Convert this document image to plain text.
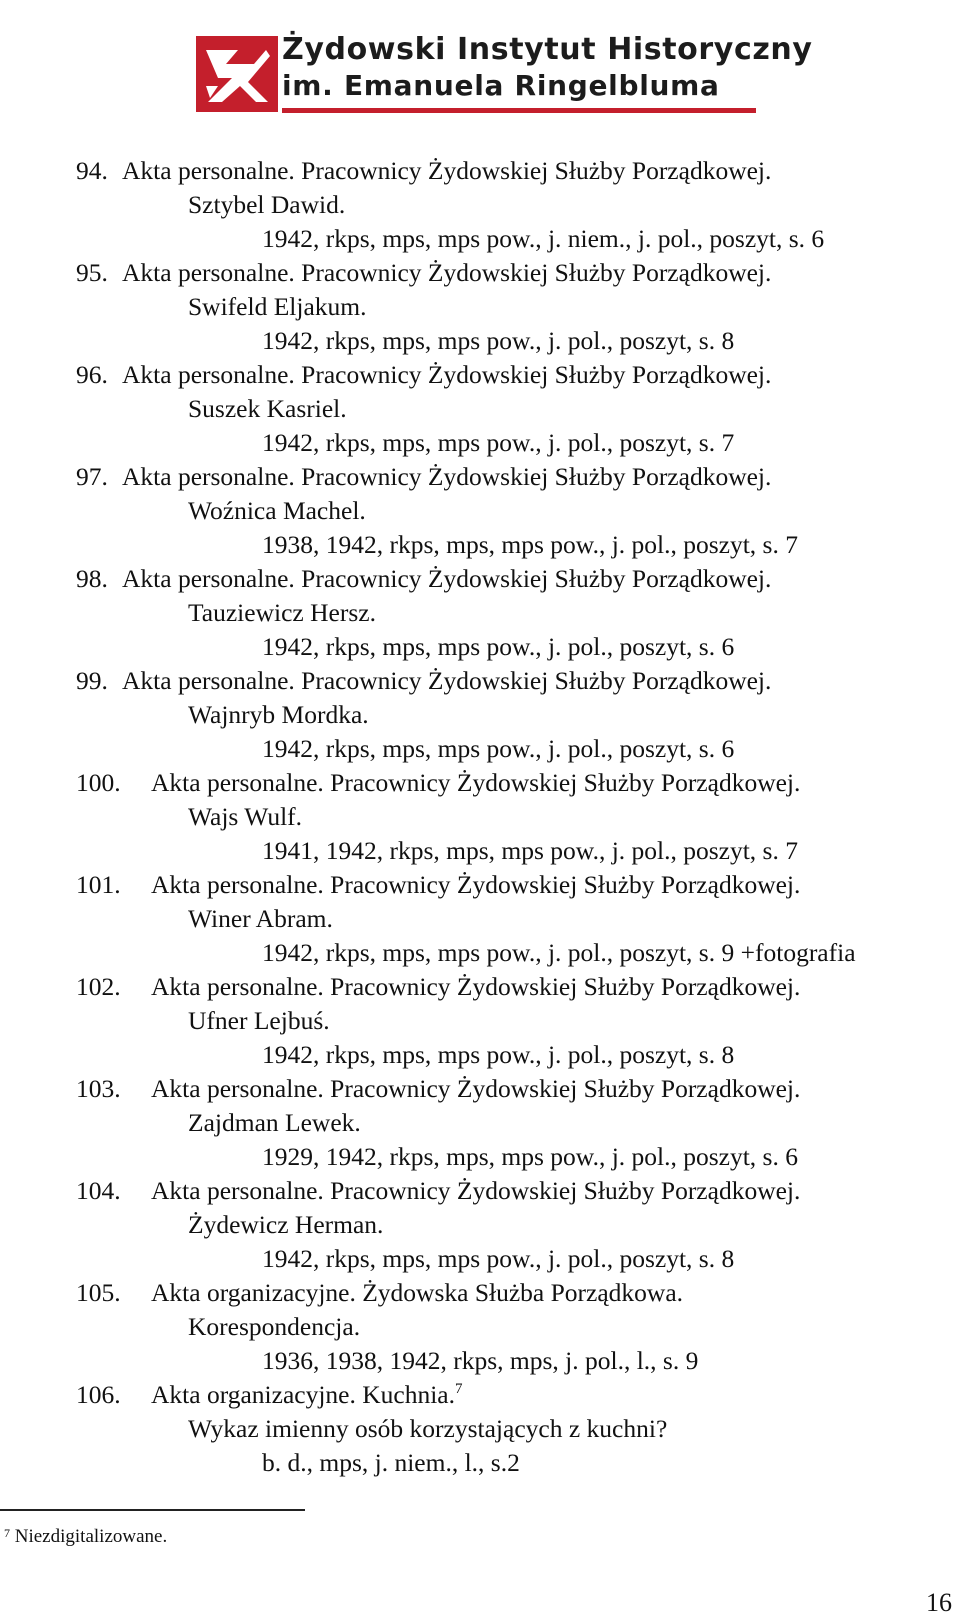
Żydowski Instytut Historyczny
im. Emanuela Ringelbluma
94. Akta personalne. Pracownicy Żydowskiej Służby Porządkowej.
Sztybel Dawid.
1942, rkps, mps, mps pow., j. niem., j. pol., poszyt, s. 6
95. Akta personalne. Pracownicy Żydowskiej Służby Porządkowej.
Swifeld Eljakum.
1942, rkps, mps, mps pow., j. pol., poszyt, s. 8
96. Akta personalne. Pracownicy Żydowskiej Służby Porządkowej.
Suszek Kasriel.
1942, rkps, mps, mps pow., j. pol., poszyt, s. 7
97. Akta personalne. Pracownicy Żydowskiej Służby Porządkowej.
Woźnica Machel.
1938, 1942, rkps, mps, mps pow., j. pol., poszyt, s. 7
98. Akta personalne. Pracownicy Żydowskiej Służby Porządkowej.
Tauziewicz Hersz.
1942, rkps, mps, mps pow., j. pol., poszyt, s. 6
99. Akta personalne. Pracownicy Żydowskiej Służby Porządkowej.
Wajnryb Mordka.
1942, rkps, mps, mps pow., j. pol., poszyt, s. 6
100. Akta personalne. Pracownicy Żydowskiej Służby Porządkowej.
Wajs Wulf.
1941, 1942, rkps, mps, mps pow., j. pol., poszyt, s. 7
101. Akta personalne. Pracownicy Żydowskiej Służby Porządkowej.
Winer Abram.
1942, rkps, mps, mps pow., j. pol., poszyt, s. 9 +fotografia
102. Akta personalne. Pracownicy Żydowskiej Służby Porządkowej.
Ufner Lejbuś.
1942, rkps, mps, mps pow., j. pol., poszyt, s. 8
103. Akta personalne. Pracownicy Żydowskiej Służby Porządkowej.
Zajdman Lewek.
1929, 1942, rkps, mps, mps pow., j. pol., poszyt, s. 6
104. Akta personalne. Pracownicy Żydowskiej Służby Porządkowej.
Żydewicz Herman.
1942, rkps, mps, mps pow., j. pol., poszyt, s. 8
105. Akta organizacyjne. Żydowska Służba Porządkowa.
Korespondencja.
1936, 1938, 1942, rkps, mps, j. pol., l., s. 9
106. Akta organizacyjne. Kuchnia.$^7$
Wykaz imienny osób korzystających z kuchni?
b. d., mps, j. niem., l., s.2
$^7$ Niezdigitalizowane.
16
